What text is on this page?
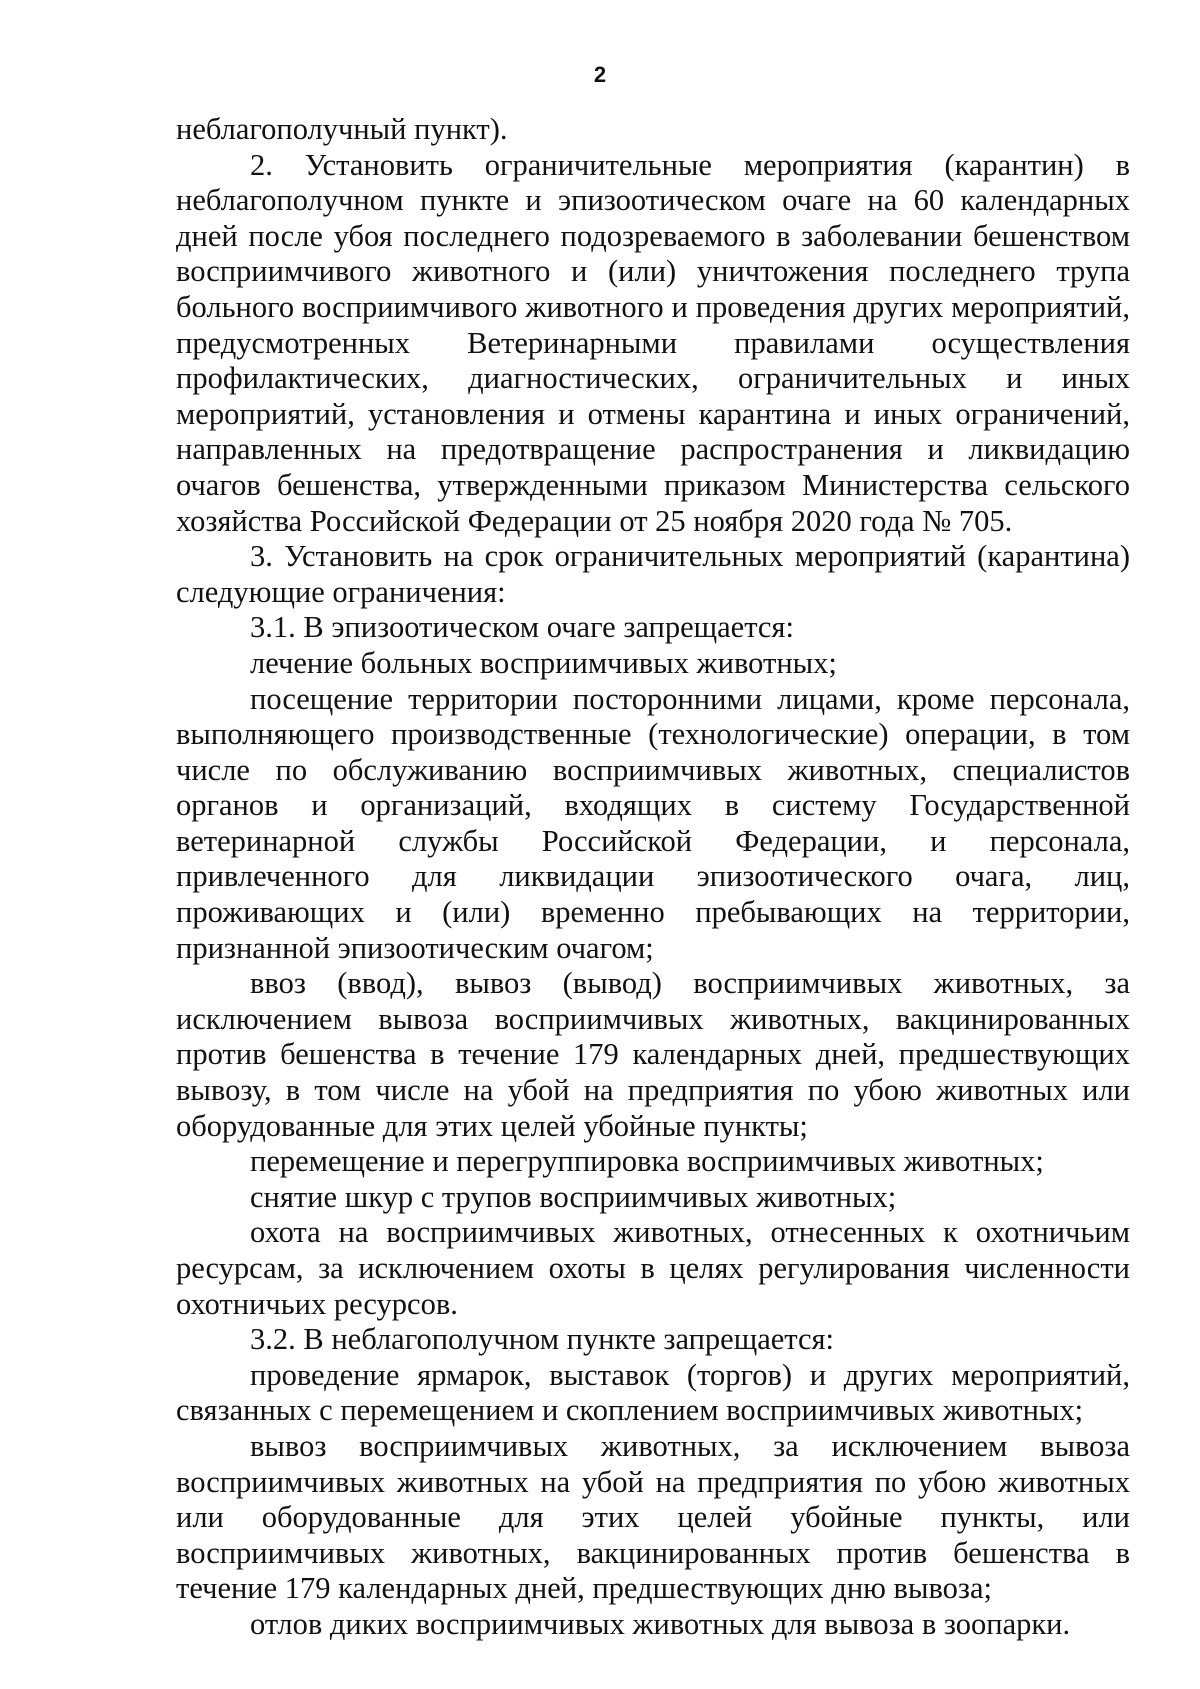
2

неблагополучный пункт).

2. Установить ограничительные мероприятия (карантин) в неблагополучном пункте и эпизоотическом очаге на 60 календарных дней после убоя последнего подозреваемого в заболевании бешенством восприимчивого животного и (или) уничтожения последнего трупа больного восприимчивого животного и проведения других мероприятий, предусмотренных Ветеринарными правилами осуществления профилактических, диагностических, ограничительных и иных мероприятий, установления и отмены карантина и иных ограничений, направленных на предотвращение распространения и ликвидацию очагов бешенства, утвержденными приказом Министерства сельского хозяйства Российской Федерации от 25 ноября 2020 года № 705.

3. Установить на срок ограничительных мероприятий (карантина) следующие ограничения:

3.1. В эпизоотическом очаге запрещается:

лечение больных восприимчивых животных;

посещение территории посторонними лицами, кроме персонала, выполняющего производственные (технологические) операции, в том числе по обслуживанию восприимчивых животных, специалистов органов и организаций, входящих в систему Государственной ветеринарной службы Российской Федерации, и персонала, привлеченного для ликвидации эпизоотического очага, лиц, проживающих и (или) временно пребывающих на территории, признанной эпизоотическим очагом;

ввоз (ввод), вывоз (вывод) восприимчивых животных, за исключением вывоза восприимчивых животных, вакцинированных против бешенства в течение 179 календарных дней, предшествующих вывозу, в том числе на убой на предприятия по убою животных или оборудованные для этих целей убойные пункты;

перемещение и перегруппировка восприимчивых животных;

снятие шкур с трупов восприимчивых животных;

охота на восприимчивых животных, отнесенных к охотничьим ресурсам, за исключением охоты в целях регулирования численности охотничьих ресурсов.

3.2. В неблагополучном пункте запрещается:

проведение ярмарок, выставок (торгов) и других мероприятий, связанных с перемещением и скоплением восприимчивых животных;

вывоз восприимчивых животных, за исключением вывоза восприимчивых животных на убой на предприятия по убою животных или оборудованные для этих целей убойные пункты, или восприимчивых животных, вакцинированных против бешенства в течение 179 календарных дней, предшествующих дню вывоза;

отлов диких восприимчивых животных для вывоза в зоопарки.
